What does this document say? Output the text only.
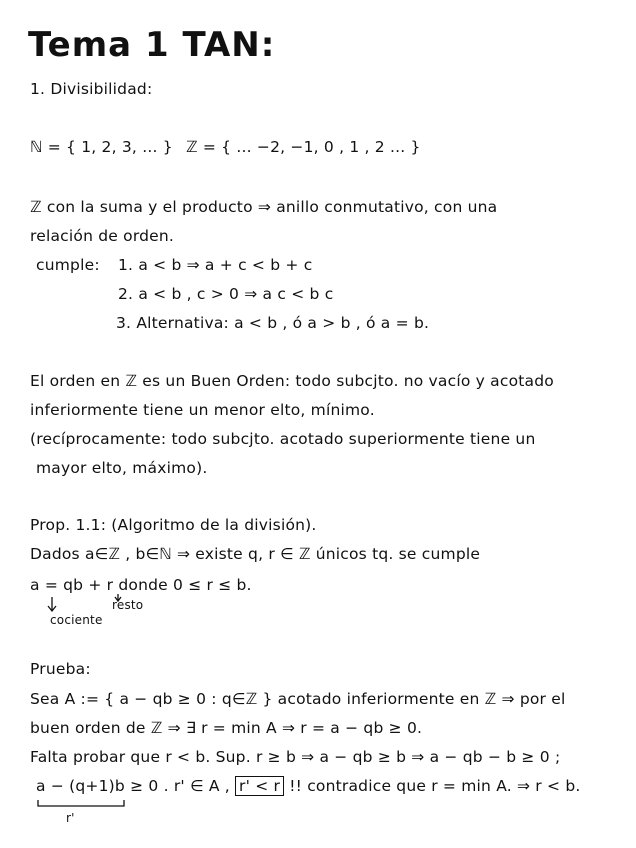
Tema 1 TAN:
1. Divisibilidad:
ℕ = { 1, 2, 3, ... } ℤ = { ... −2, −1, 0 , 1 , 2 ... }
ℤ con la suma y el producto ⇒ anillo conmutativo, con una
relación de orden.
cumple: 1. a < b ⇒ a + c < b + c
2. a < b , c > 0 ⇒ a c < b c
3. Alternativa: a < b , ó a > b , ó a = b.
El orden en ℤ es un Buen Orden: todo subcjto. no vacío y acotado
inferiormente tiene un menor elto, mínimo.
(recíprocamente: todo subcjto. acotado superiormente tiene un
mayor elto, máximo).
Prop. 1.1: (Algoritmo de la división).
Dados a∈ℤ , b∈ℕ ⇒ existe q, r ∈ ℤ únicos tq. se cumple
a = qb + r donde 0 ≤ r ≤ b.
resto
cociente
Prueba:
Sea A := { a − qb ≥ 0 : q∈ℤ } acotado inferiormente en ℤ ⇒ por el
buen orden de ℤ ⇒ ∃ r = min A ⇒ r = a − qb ≥ 0.
Falta probar que r < b. Sup. r ≥ b ⇒ a − qb ≥ b ⇒ a − qb − b ≥ 0 ;
a − (q+1)b ≥ 0 . r' ∈ A , r' < r !! contradice que r = min A. ⇒ r < b.
r'
